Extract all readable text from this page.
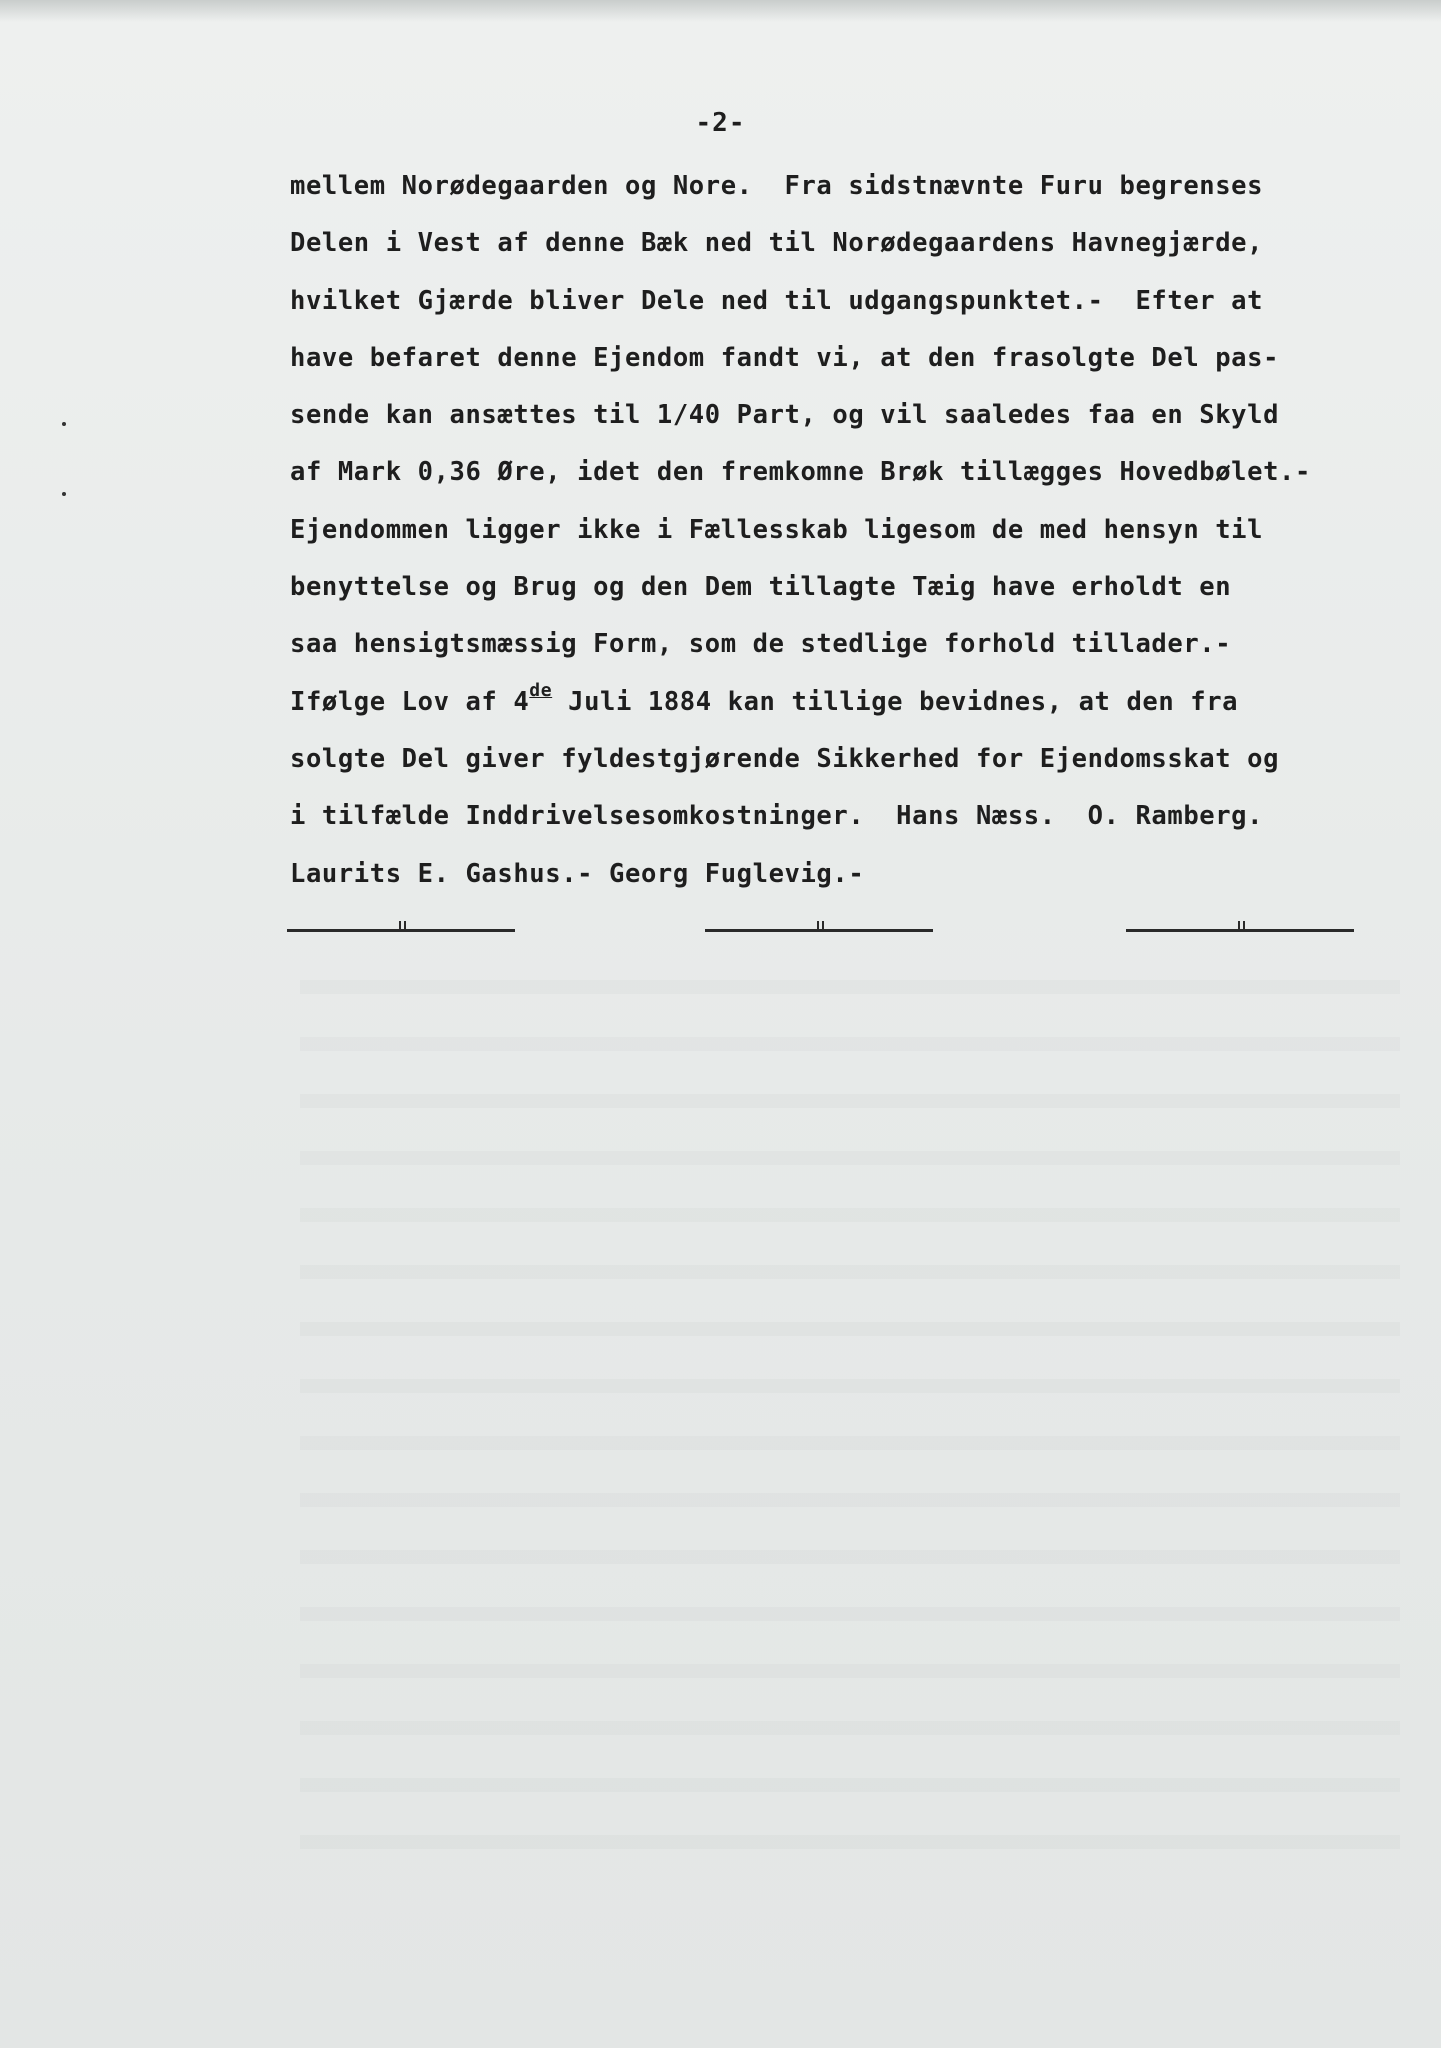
-2-
mellem Norødegaarden og Nore.  Fra sidstnævnte Furu begrenses
Delen i Vest af denne Bæk ned til Norødegaardens Havnegjærde,
hvilket Gjærde bliver Dele ned til udgangspunktet.-  Efter at
have befaret denne Ejendom fandt vi, at den frasolgte Del pas-
sende kan ansættes til 1/40 Part, og vil saaledes faa en Skyld
af Mark 0,36 Øre, idet den fremkomne Brøk tillægges Hovedbølet.-
Ejendommen ligger ikke i Fællesskab ligesom de med hensyn til
benyttelse og Brug og den Dem tillagte Tæig have erholdt en
saa hensigtsmæssig Form, som de stedlige forhold tillader.-
Ifølge Lov af 4de Juli 1884 kan tillige bevidnes, at den fra
solgte Del giver fyldestgjørende Sikkerhed for Ejendomsskat og
i tilfælde Inddrivelsesomkostninger.  Hans Næss.  O. Ramberg.
Laurits E. Gashus.- Georg Fuglevig.-
